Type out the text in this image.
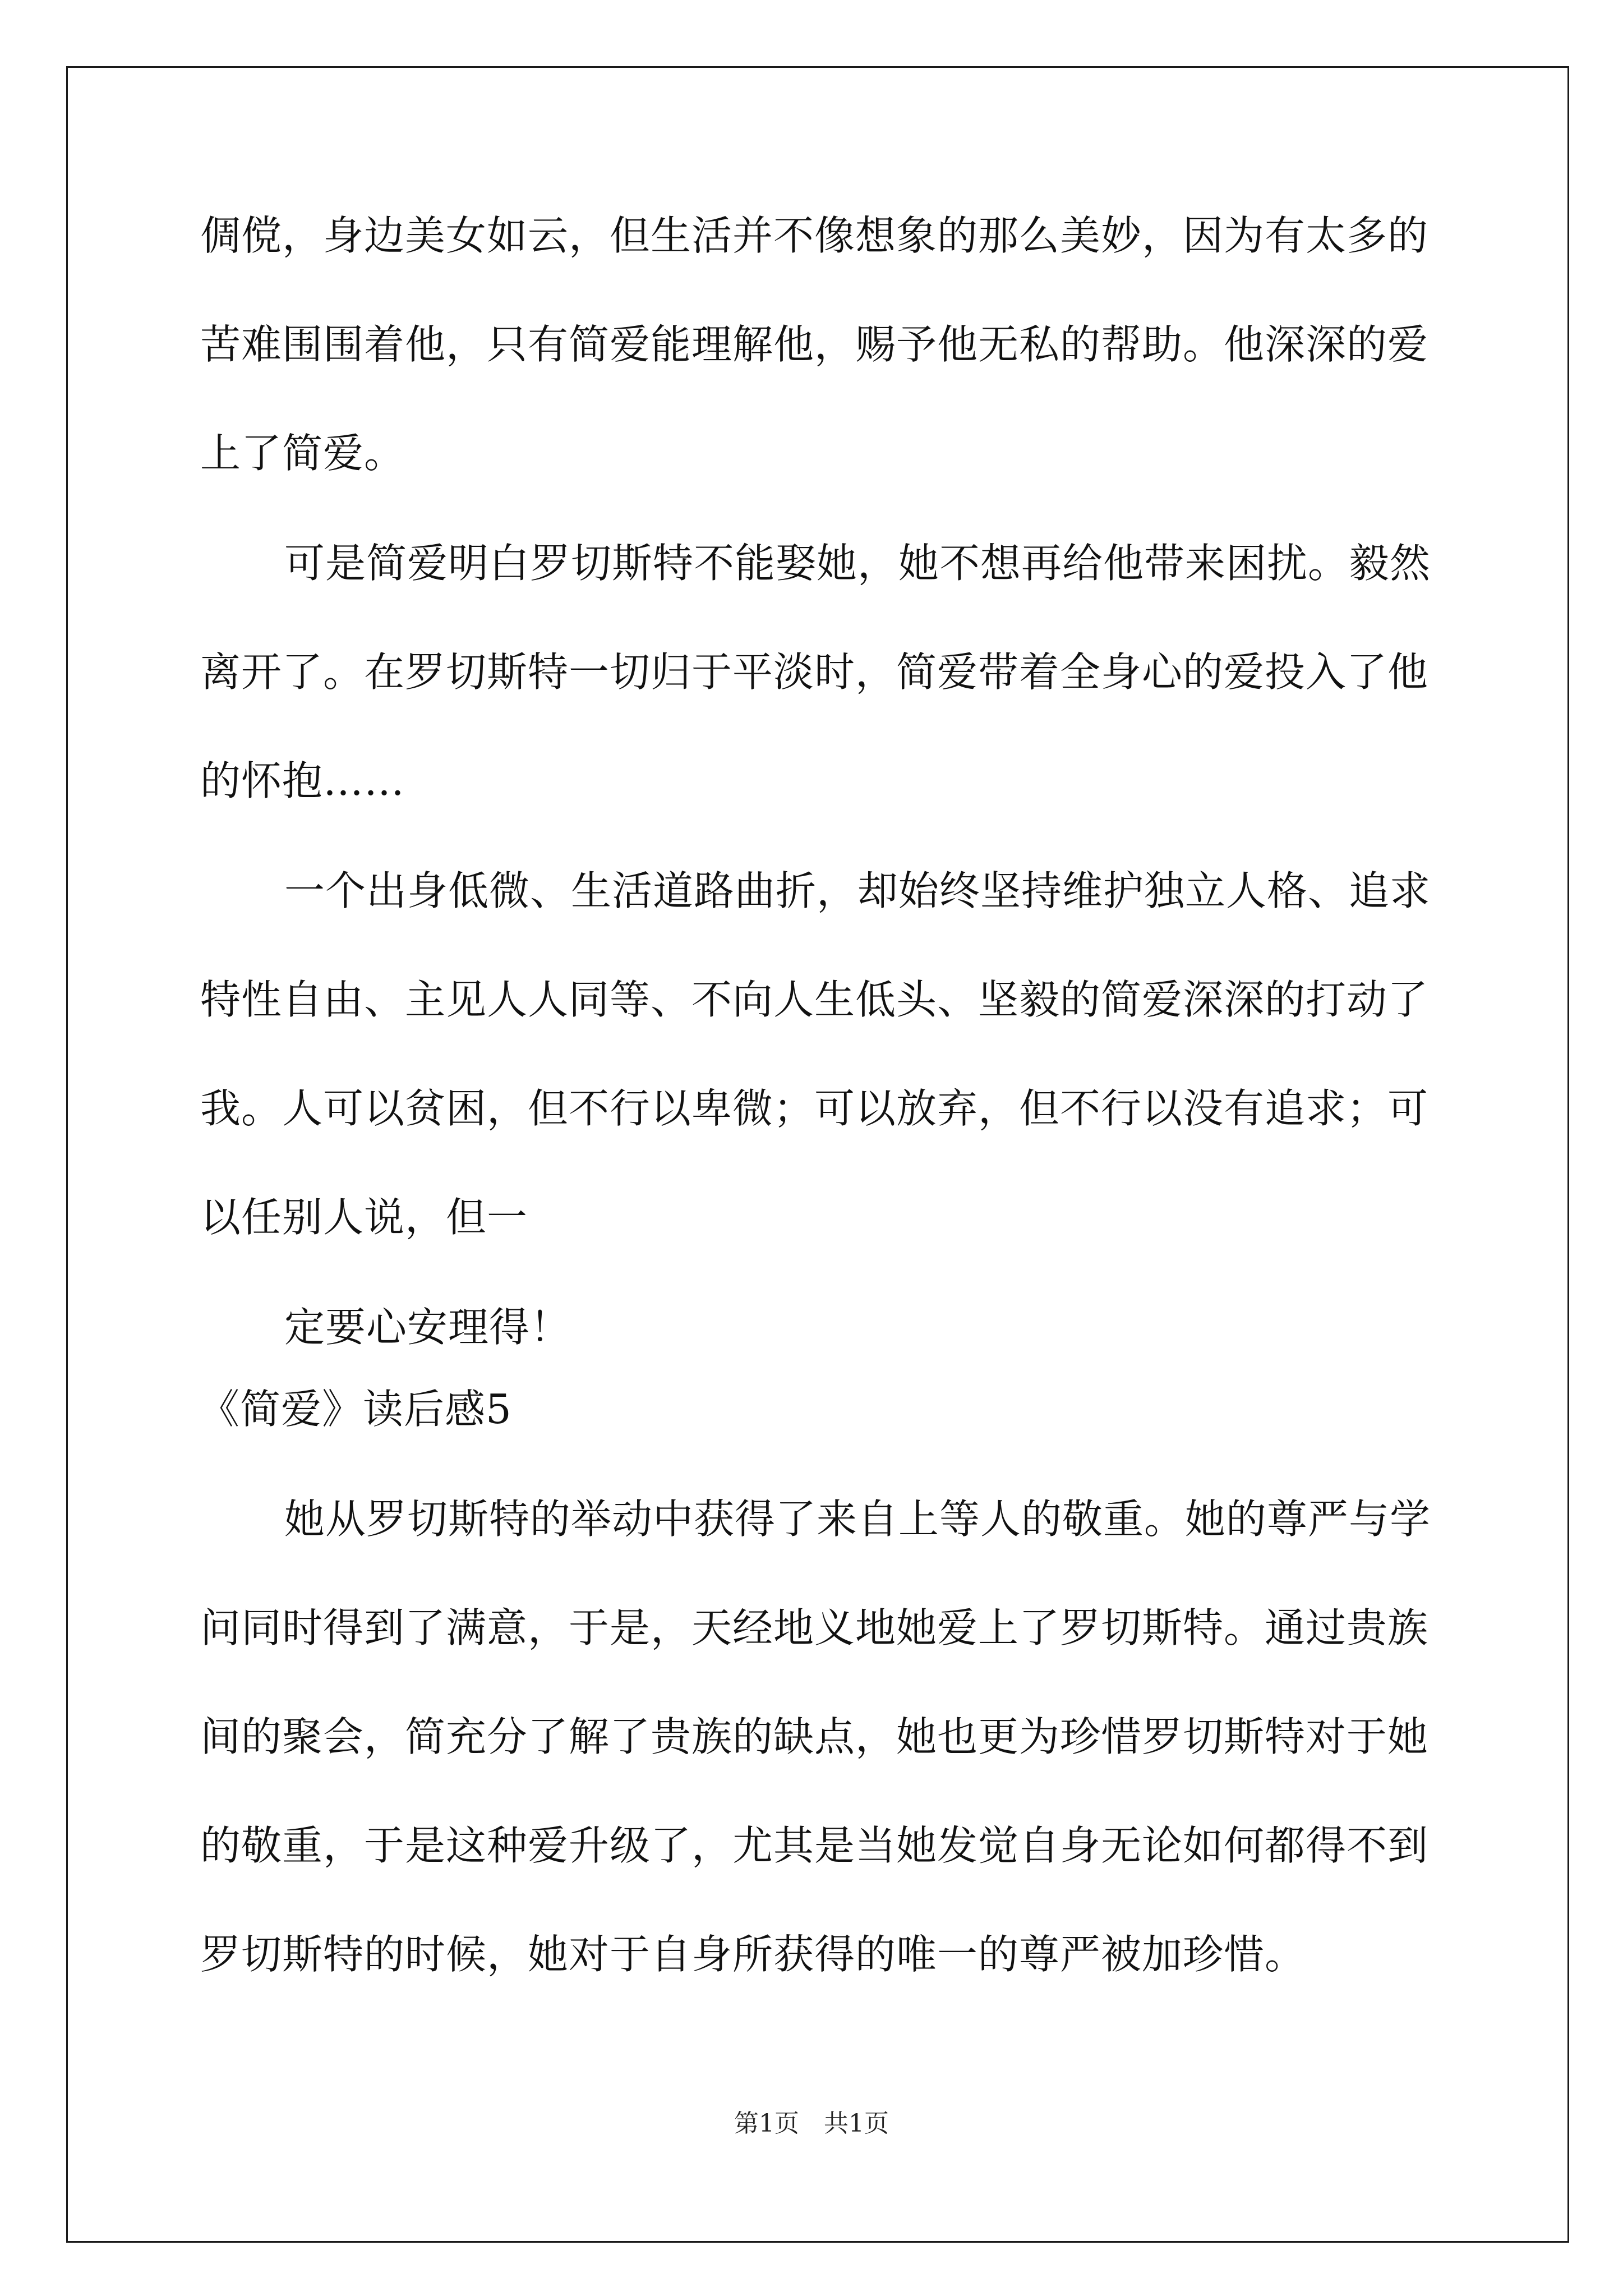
倜傥，身边美女如云，但生活并不像想象的那么美妙，因为有太多的
苦难围围着他，只有简爱能理解他，赐予他无私的帮助。他深深的爱
上了简爱。
可是简爱明白罗切斯特不能娶她，她不想再给他带来困扰。毅然
离开了。在罗切斯特一切归于平淡时，简爱带着全身心的爱投入了他
的怀抱……
一个出身低微、生活道路曲折，却始终坚持维护独立人格、追求
特性自由、主见人人同等、不向人生低头、坚毅的简爱深深的打动了
我。人可以贫困，但不行以卑微；可以放弃，但不行以没有追求；可
以任别人说，但一
定要心安理得！
《简爱》读后感5
她从罗切斯特的举动中获得了来自上等人的敬重。她的尊严与学
问同时得到了满意，于是，天经地义地她爱上了罗切斯特。通过贵族
间的聚会，简充分了解了贵族的缺点，她也更为珍惜罗切斯特对于她
的敬重，于是这种爱升级了，尤其是当她发觉自身无论如何都得不到
罗切斯特的时候，她对于自身所获得的唯一的尊严被加珍惜。
第1页　共1页
